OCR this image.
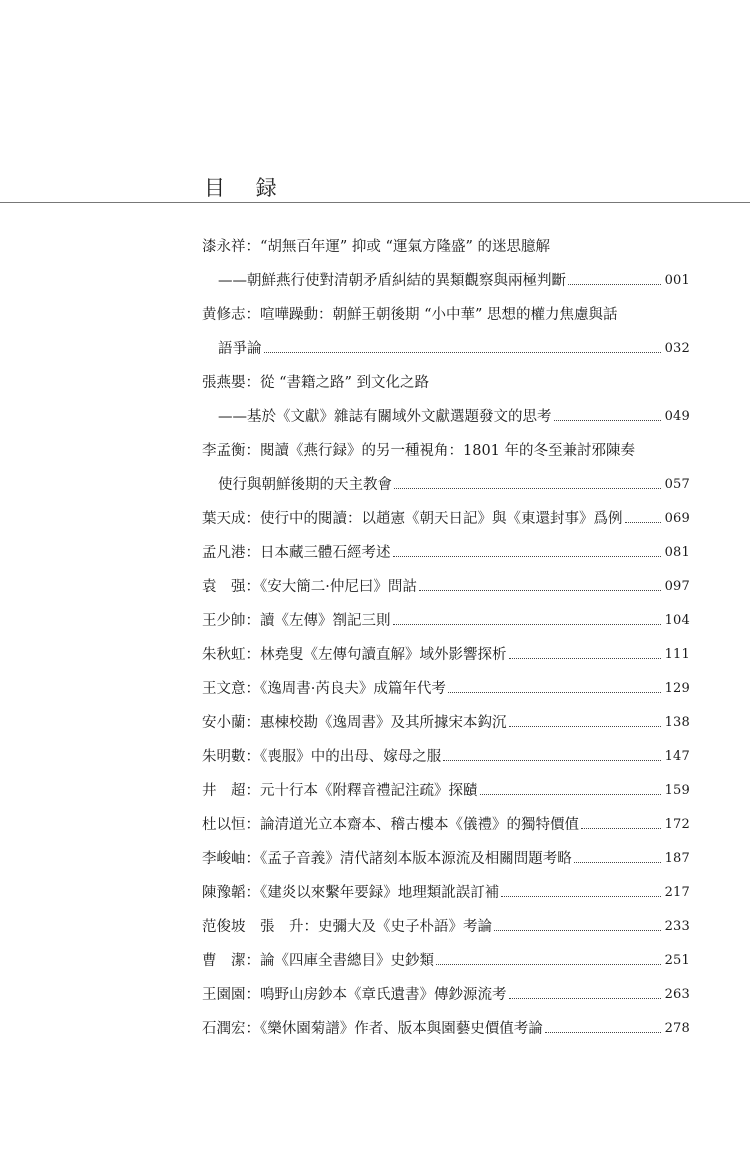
目 録
漆永祥：“胡無百年運” 抑或 “運氣方隆盛” 的迷思臆解
——朝鮮燕行使對清朝矛盾糾結的異類觀察與兩極判斷	001
黄修志：喧嘩躁動：朝鮮王朝後期 “小中華” 思想的權力焦慮與話
語爭論	032
張燕嬰：從 “書籍之路” 到文化之路
——基於《文獻》雜誌有關域外文獻選題發文的思考	049
李孟衡：閱讀《燕行録》的另一種視角：1801 年的冬至兼討邪陳奏
使行與朝鮮後期的天主教會	057
葉天成：使行中的閱讀：以趙憲《朝天日記》與《東還封事》爲例	069
孟凡港：日本藏三體石經考述	081
袁　强：《安大簡二·仲尼曰》問詁	097
王少帥：讀《左傳》劄記三則	104
朱秋虹：林堯叟《左傳句讀直解》域外影響探析	111
王文意：《逸周書·芮良夫》成篇年代考	129
安小蘭：惠棟校勘《逸周書》及其所據宋本鈎沉	138
朱明數：《喪服》中的出母、嫁母之服	147
井　超：元十行本《附釋音禮記注疏》探賾	159
杜以恒：論清道光立本齋本、稽古樓本《儀禮》的獨特價值	172
李峻岫：《孟子音義》清代諸刻本版本源流及相關問題考略	187
陳豫韜：《建炎以來繫年要録》地理類訛誤訂補	217
范俊坡　張　升：史彌大及《史子朴語》考論	233
曹　潔：論《四庫全書總目》史鈔類	251
王園園：鳴野山房鈔本《章氏遺書》傳鈔源流考	263
石潤宏：《樂休園菊譜》作者、版本與園藝史價值考論	278
